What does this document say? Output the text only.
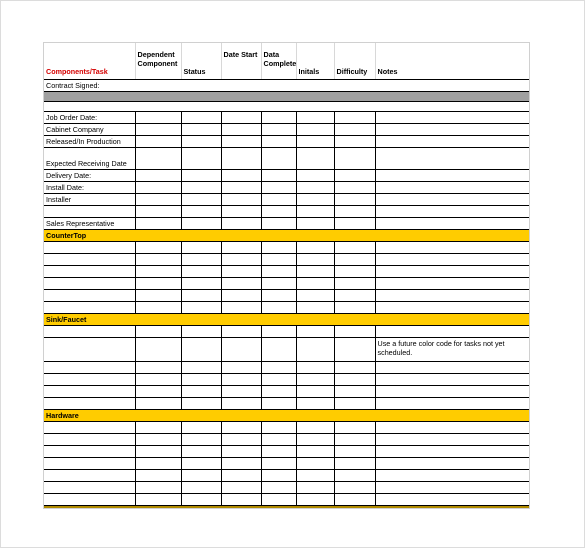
Components/Task	Dependent Component	Status	Date Start	Data Complete	Initals	Difficulty	Notes
Contract Signed:							

Job Order Date:							
Cabinet Company							
Released/In Production							
Expected Receiving Date							
Delivery Date:							
Install Date:							
Installer							

Sales Representative							
CounterTop							

Sink/Faucet							

							Use a future color code for tasks not yet scheduled.

Hardware							
